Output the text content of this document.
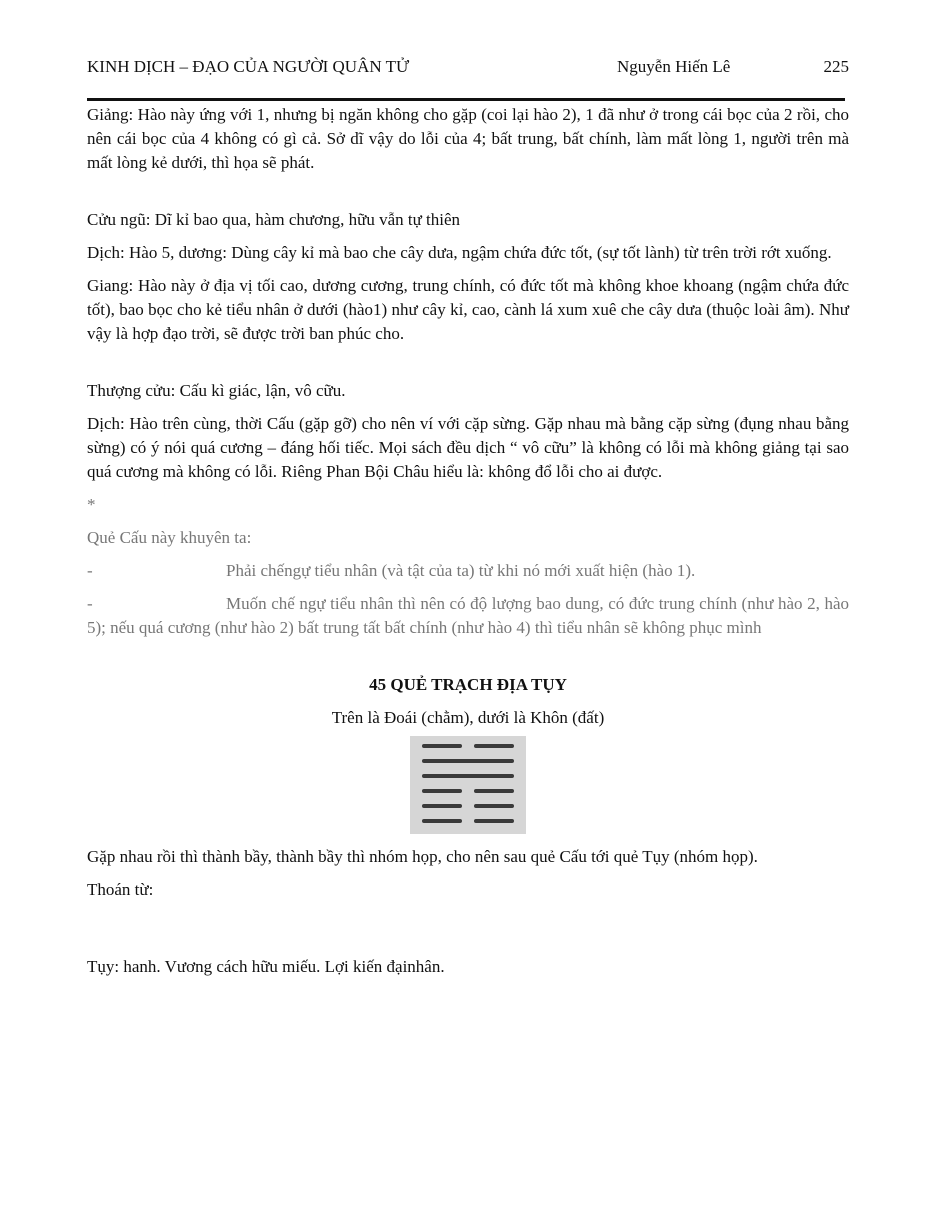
KINH DỊCH – ĐẠO CỦA NGƯỜI QUÂN TỬ	Nguyễn Hiến Lê	225

Giảng: Hào này ứng với 1, nhưng bị ngăn không cho gặp (coi lại hào 2), 1 đã như ở trong cái bọc của 2 rồi, cho nên cái bọc của 4 không có gì cả. Sở dĩ vậy do lỗi của 4; bất trung, bất chính, làm mất lòng 1, người trên mà mất lòng kẻ dưới, thì họa sẽ phát.

Cửu ngũ: Dĩ kỉ bao qua, hàm chương, hữu vẫn tự thiên

Dịch: Hào 5, dương: Dùng cây kỉ mà bao che cây dưa, ngậm chứa đức tốt, (sự tốt lành) từ trên trời rớt xuống.

Giang: Hào này ở địa vị tối cao, dương cương, trung chính, có đức tốt mà không khoe khoang (ngậm chứa đức tốt), bao bọc cho kẻ tiểu nhân ở dưới (hào1) như cây kỉ, cao, cành lá xum xuê che cây dưa (thuộc loài âm). Như vậy là hợp đạo trời, sẽ được trời ban phúc cho.

Thượng cửu: Cấu kì giác, lận, vô cữu.

Dịch: Hào trên cùng, thời Cấu (gặp gỡ) cho nên ví với cặp sừng. Gặp nhau mà bằng cặp sừng (đụng nhau bằng sừng) có ý nói quá cương – đáng hối tiếc. Mọi sách đều dịch “ vô cữu” là không có lỗi mà không giảng tại sao quá cương mà không có lỗi. Riêng Phan Bội Châu hiểu là: không đổ lỗi cho ai được.

*

Quẻ Cấu này khuyên ta:

-	Phải chếngự tiểu nhân (và tật của ta) từ khi nó mới xuất hiện (hào 1).

-	Muốn chế ngự tiểu nhân thì nên có độ lượng bao dung, có đức trung chính (như hào 2, hào 5); nếu quá cương (như hào 2) bất trung tất bất chính (như hào 4) thì tiểu nhân sẽ không phục mình

45 QUẺ TRẠCH ĐỊA TỤY

Trên là Đoái (chằm), dưới là Khôn (đất)

Gặp nhau rồi thì thành bầy, thành bầy thì nhóm họp, cho nên sau quẻ Cấu tới quẻ Tụy (nhóm họp).

Thoán từ:

Tụy: hanh. Vương cách hữu miếu. Lợi kiến đạinhân.
